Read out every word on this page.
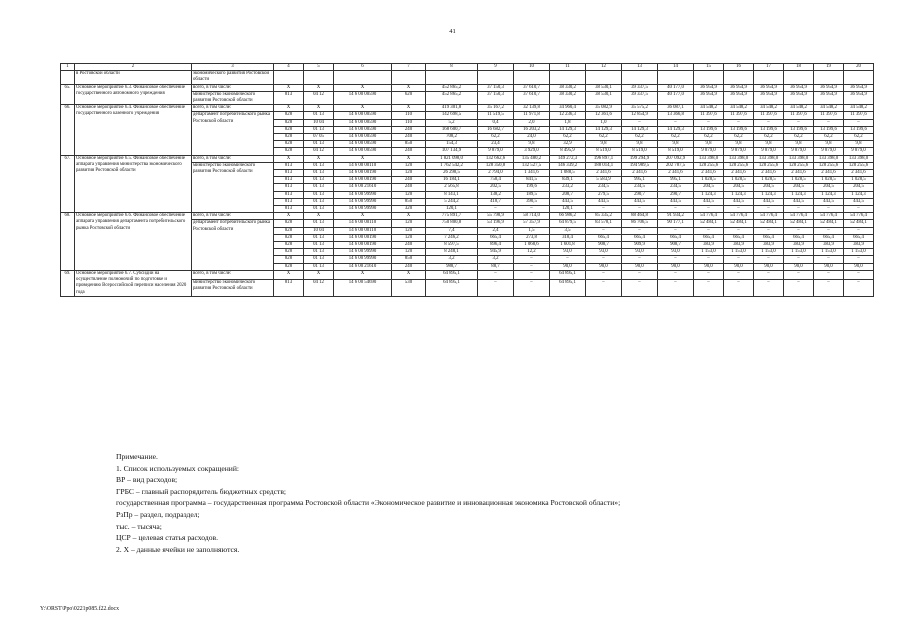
41
1	2	3	4	5	6	7	8	9	10	11	12	13	14	15	16	17	18	19	20
	в Ростовской области	экономического развития Ростовской области																	
65.	Основное мероприятие 6.3. Финансовое обеспечение государственного автономного учреждения	всего, в том числе:	X	X	X	X	452 865,2	37 150,3	37 610,7	38 330,2	38 530,1	39 337,5	40 177,0	36 954,9	36 954,9	36 954,9	36 954,9	36 954,9	36 954,9
		министерство экономического развития Ростовской области	813	04 12	14 6 00 00590	620	452 865,2	37 150,3	37 610,7	38 330,2	38 530,1	39 337,5	40 177,0	36 954,9	36 954,9	36 954,9	36 954,9	36 954,9	36 954,9
66.	Основное мероприятие 6.4. Финансовое обеспечение государственного казенного учреждения	всего, в том числе:	X	X	X	X	419 301,8	35 167,2	32 139,8	34 960,4	35 082,9	35 575,2	36 087,1	34 548,2	34 548,2	34 548,2	34 548,2	34 548,2	34 548,2
		департамент потребительского рынка Ростовской области	828	01 13	14 6 00 00590	110	142 698,5	11 519,5	11 971,8	12 236,3	12 361,6	12 854,9	13 366,8	11 397,6	11 397,6	11 397,6	11 397,6	11 397,6	11 397,6
			828	10 04	14 6 00 00590	110	5,2	0,4	2,0	1,8	1,0	–	–	–	–	–	–	–	–
			828	01 13	14 6 00 00590	240	168 600,7	16 682,7	16 203,2	14 129,3	14 129,3	14 129,3	14 129,3	13 199,6	13 199,6	13 199,6	13 199,6	13 199,6	13 199,6
			828	07 05	14 6 00 00590	240	708,2	62,2	24,0	62,2	62,2	62,2	62,2	62,2	62,2	62,2	62,2	62,2	62,2
			828	01 13	14 6 00 00590	850	154,3	23,4	9,8	32,9	9,8	9,8	9,8	9,8	9,8	9,8	9,8	9,8	9,8
			828	04 12	14 6 00 00590	240	107 134,9	9 879,0	3 929,0	8 495,9	8 519,0	8 519,0	8 519,0	9 879,0	9 879,0	9 879,0	9 879,0	9 879,0	9 879,0
67.	Основное мероприятие 6.5. Финансовое обеспечение аппарата управления министерства экономического развития Ростовской области	всего, в том числе:	X	X	X	X	1 821 098,0	132 662,6	135 480,2	149 272,3	196 897,1	199 294,9	207 092,9	133 398,0	133 398,0	133 398,0	133 398,0	133 398,0	133 398,0
		министерство экономического развития Ростовской области	813	01 13	14 6 00 00110	120	1 762 542,2	128 350,8	132 527,5	146 339,2	188 014,1	194 989,5	202 787,5	128 255,6	128 255,6	128 255,6	128 255,6	128 255,6	128 255,6
			813	01 13	14 6 00 00190	120	26 298,5	2 794,0	1 341,6	1 088,5	2 341,6	2 341,6	2 341,6	2 341,6	2 341,6	2 341,6	2 341,6	2 341,6	2 341,6
			813	01 13	14 6 00 00190	240	16 184,1	758,4	841,5	839,1	5 583,9	995,1	995,1	1 028,5	1 028,5	1 028,5	1 028,5	1 028,5	1 028,5
			813	01 13	14 6 00 21610	240	2 565,8	202,5	199,6	233,2	234,5	234,5	234,5	204,5	204,5	204,5	204,5	204,5	204,5
			813	01 13	14 6 00 99990	120	8 143,1	138,2	189,5	208,7	279,5	290,7	290,7	1 124,3	1 124,3	1 124,3	1 124,3	1 124,3	1 124,3
			813	01 13	14 6 00 99990	850	5 244,2	418,7	390,5	443,5	443,5	443,5	443,5	443,5	443,5	443,5	443,5	443,5	443,5
			813	01 13	14 6 00 99990	320	120,1	–	–	120,1	–	–	–	–	–	–	–	–	–
68.	Основное мероприятие 6.6. Финансовое обеспечение аппарата управления департамента потребительского рынка Ростовской области	всего, в том числе:	X	X	X	X	775 891,7	55 798,9	58 714,0	66 986,2	85 335,2	88 464,8	91 934,2	54 776,4	54 776,4	54 776,4	54 776,4	54 776,4	54 776,4
		департамент потребительского рынка Ростовской области	828	01 13	14 6 00 00110	120	750 800,8	53 196,9	57 357,9	64 879,5	83 578,1	86 706,5	90 177,1	52 484,1	52 484,1	52 484,1	52 484,1	52 484,1	52 484,1
			828	10 04	14 6 00 00110	120	7,4	2,4	1,5	3,5	–	–	–	–	–	–	–	–	–
			828	01 13	14 6 00 00190	120	7 246,2	665,4	273,8	318,4	665,4	665,4	665,4	665,4	665,4	665,4	665,4	665,4	665,4
			828	01 13	14 6 00 00190	240	8 597,5	896,4	1 068,6	1 601,8	908,7	909,9	908,7	383,9	383,9	383,9	383,9	383,9	383,9
			828	01 13	14 6 00 99990	120	8 248,1	945,9	12,2	93,0	93,0	93,0	93,0	1 153,0	1 153,0	1 153,0	1 153,0	1 153,0	1 153,0
			828	01 13	14 6 00 99990	850	3,2	3,2	–	–	–	–	–	–	–	–	–	–	–
			828	01 13	14 6 00 21610	240	988,7	88,7	–	90,0	90,0	90,0	90,0	90,0	90,0	90,0	90,0	90,0	90,0
69.	Основное мероприятие 6.7. Субсидии на осуществление полномочий по подготовке и проведению Всероссийской переписи населения 2020 года	всего, в том числе:	X	X	X	X	64 895,1	–	–	64 895,1	–	–	–	–	–	–	–	–	–
		министерство экономического развития Ростовской области	813	04 12	14 6 00 54690	530	64 895,1	–	–	64 895,1	–	–	–	–	–	–	–	–	–
Примечание.
1. Список используемых сокращений:
ВР – вид расходов;
ГРБС – главный распорядитель бюджетных средств;
государственная программа – государственная программа Ростовской области «Экономическое развитие и инновационная экономика Ростовской области»;
РзПр – раздел, подраздел;
тыс. – тысяча;
ЦСР – целевая статья расходов.
2. Х – данные ячейки не заполняются.
Y:\ORST\Ppo\0221p085.f22.docx
